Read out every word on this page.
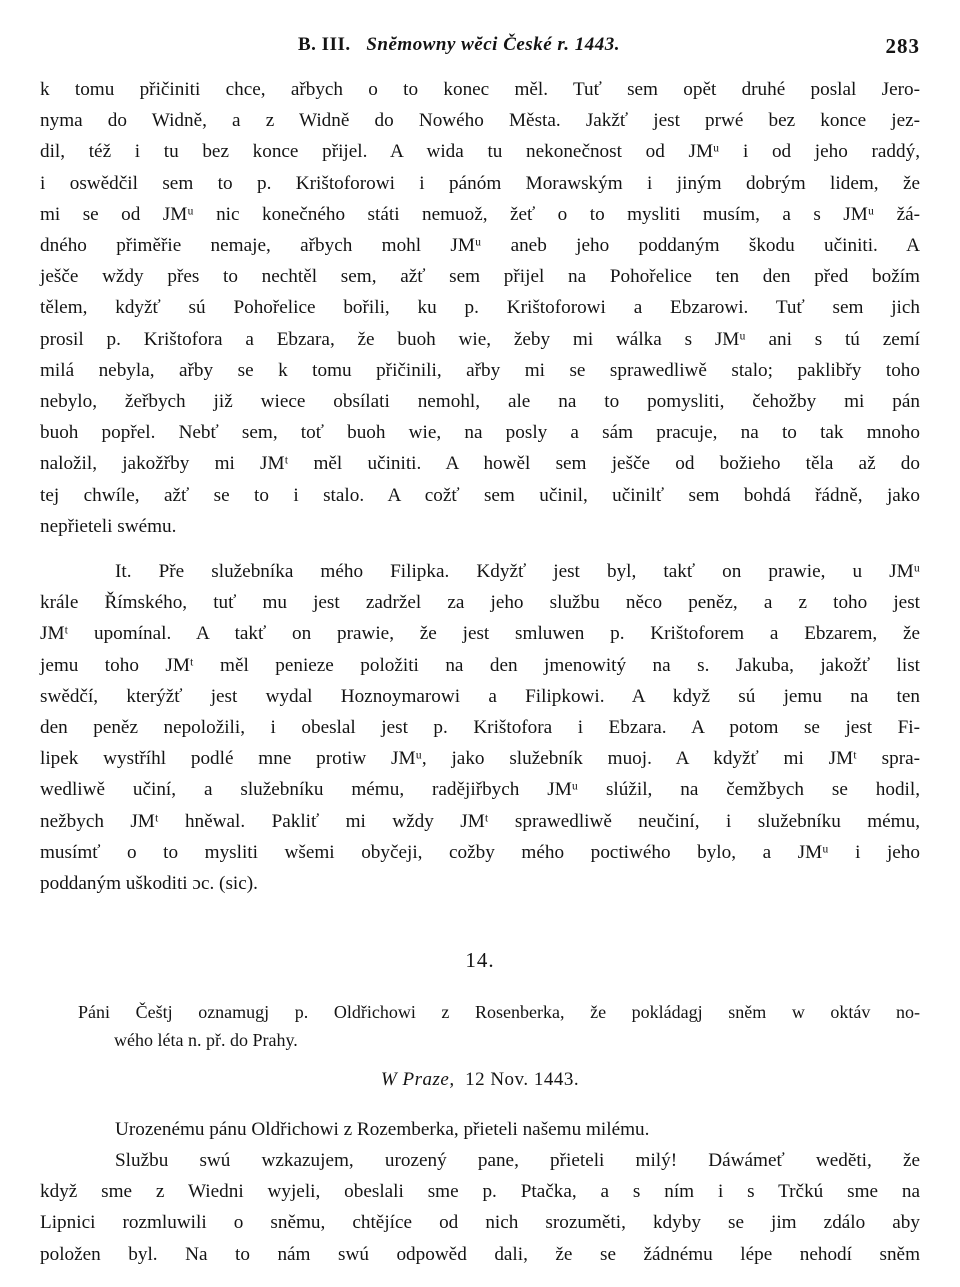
B. III. Snĕmowny wĕci České r. 1443.	283
k tomu přičiniti chce, ařbych o to konec měl. Tuť sem opět druhé poslal Jero-
nyma do Widně, a z Widně do Nowého Města. Jakžť jest prwé bez konce jez-
dil, též i tu bez konce přijel. A wida tu nekonečnost od JMᵘ i od jeho raddý,
i oswědčil sem to p. Krištoforowi i pánóm Morawským i jiným dobrým lidem, že
mi se od JMᵘ nic konečného státi nemuož, žeť o to mysliti musím, a s JMᵘ žá-
dného přiměřie nemaje, ařbych mohl JMᵘ aneb jeho poddaným škodu učiniti. A
ješče wždy přes to nechtěl sem, ažť sem přijel na Pohořelice ten den před božím
tělem, kdyžť sú Pohořelice bořili, ku p. Krištoforowi a Ebzarowi. Tuť sem jich
prosil p. Krištofora a Ebzara, že buoh wie, žeby mi wálka s JMᵘ ani s tú zemí
milá nebyla, ařby se k tomu přičinili, ařby mi se sprawedliwě stalo; paklibřy toho
nebylo, žeřbych již wiece obsílati nemohl, ale na to pomysliti, čehožby mi pán
buoh popřel. Nebť sem, toť buoh wie, na posly a sám pracuje, na to tak mnoho
naložil, jakožřby mi JMᵗ měl učiniti. A howěl sem ješče od božieho těla až do
tej chwíle, ažť se to i stalo. A cožť sem učinil, učinilť sem bohdá řádně, jako
nepřieteli swému.
It. Pře služebníka mého Filipka. Kdyžť jest byl, takť on prawie, u JMᵘ
krále Římského, tuť mu jest zadržel za jeho službu něco peněz, a z toho jest
JMᵗ upomínal. A takť on prawie, že jest smluwen p. Krištoforem a Ebzarem, že
jemu toho JMᵗ měl penieze položiti na den jmenowitý na s. Jakuba, jakožť list
swědčí, kterýžť jest wydal Hoznoymarowi a Filipkowi. A když sú jemu na ten
den peněz nepoložili, i obeslal jest p. Krištofora i Ebzara. A potom se jest Fi-
lipek wystříhl podlé mne protiw JMᵘ, jako služebník muoj. A kdyžť mi JMᵗ spra-
wedliwě učiní, a služebníku mému, radějiřbych JMᵘ slúžil, na čemžbych se hodil,
nežbych JMᵗ hněwal. Pakliť mi wždy JMᵗ sprawedliwě neučiní, i služebníku mému,
musímť o to mysliti wšemi obyčeji, cožby mého poctiwého bylo, a JMᵘ i jeho
poddaným uškoditi ɔc. (sic).
14.
Páni Češtj oznamugj p. Oldřichowi z Rosenberka, že pokládagj sněm w oktáv no-
wého léta n. př. do Prahy.
W Praze, 12 Nov. 1443.
Urozenému pánu Oldřichowi z Rozemberka, přieteli našemu milému.
Službu swú wzkazujem, urozený pane, přieteli milý! Dáwámeť wedĕti, že
když sme z Wiedni wyjeli, obeslali sme p. Ptačka, a s ním i s Trčkú sme na
Lipnici rozmluwili o sněmu, chtějíce od nich srozuměti, kdyby se jim zdálo aby
položen byl. Na to nám swú odpowěd dali, že se žádnému lépe nehodí sněm
